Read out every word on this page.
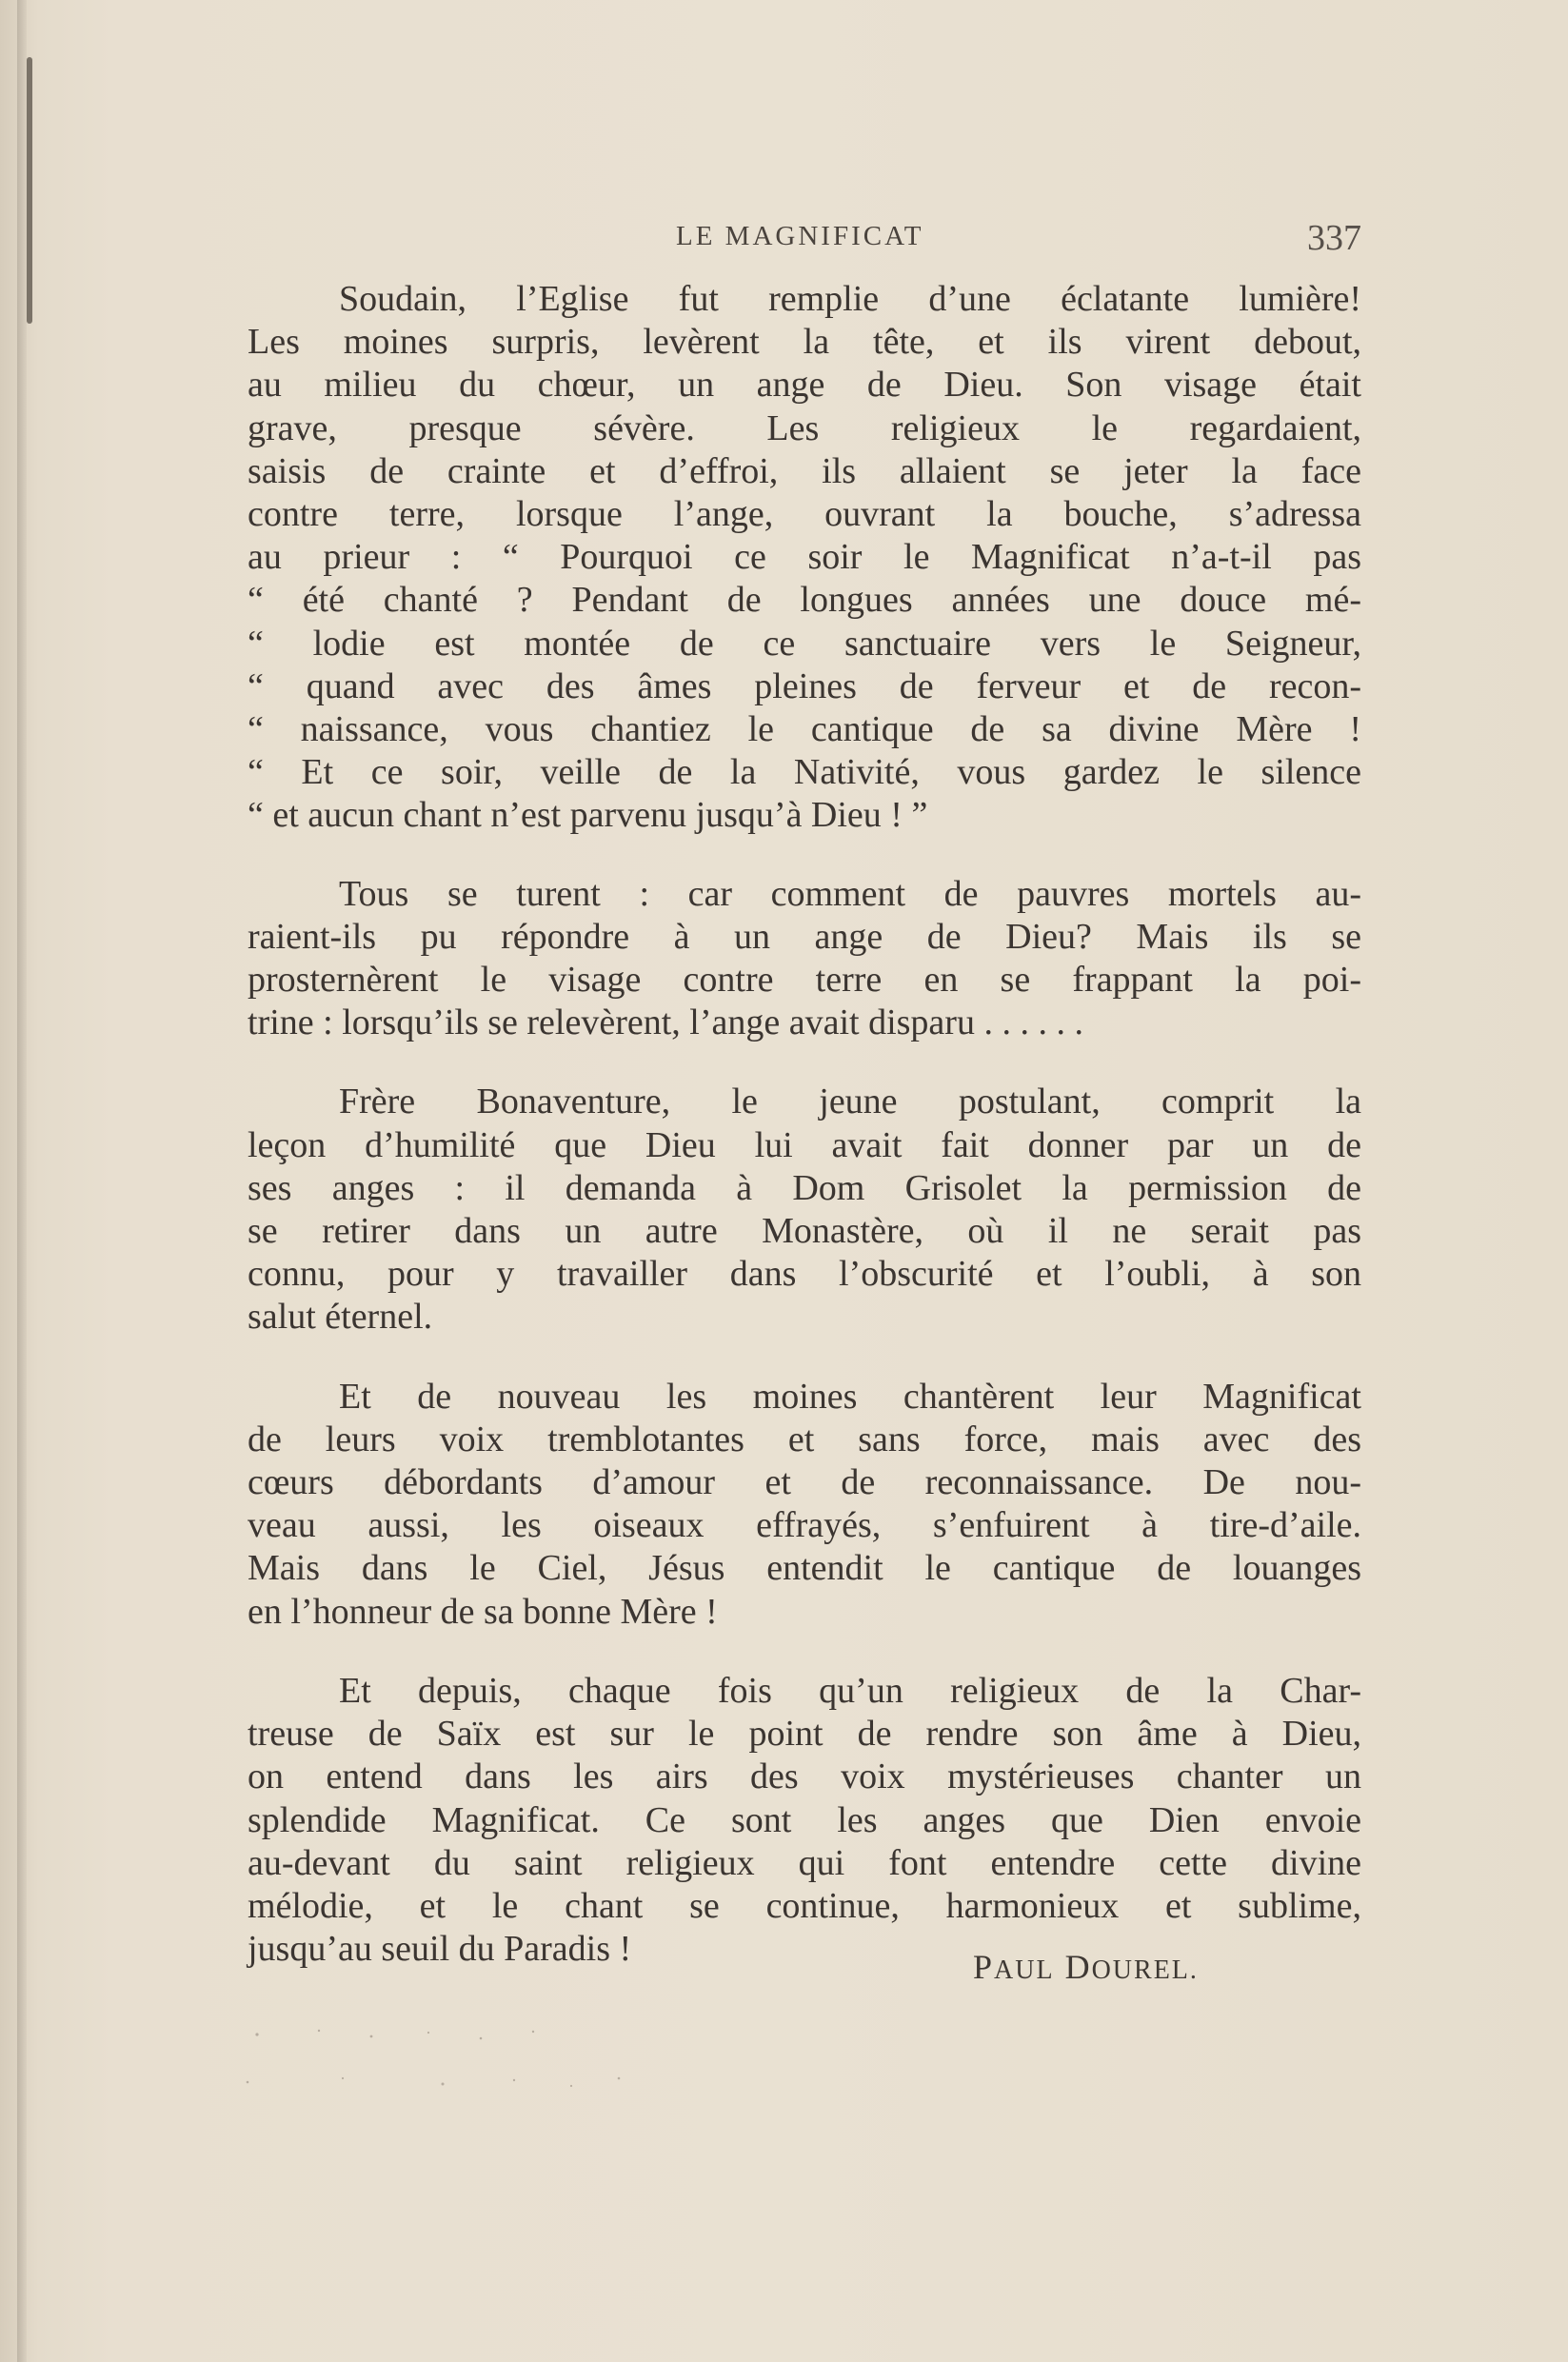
LE MAGNIFICAT	337

Soudain, l’Eglise fut remplie d’une éclatante lumière!
Les moines surpris, levèrent la tête, et ils virent debout,
au milieu du chœur, un ange de Dieu. Son visage était
grave, presque sévère. Les religieux le regardaient,
saisis de crainte et d’effroi, ils allaient se jeter la face
contre terre, lorsque l’ange, ouvrant la bouche, s’adressa
au prieur : “ Pourquoi ce soir le Magnificat n’a-t-il pas
“ été chanté ? Pendant de longues années une douce mé-
“ lodie est montée de ce sanctuaire vers le Seigneur,
“ quand avec des âmes pleines de ferveur et de recon-
“ naissance, vous chantiez le cantique de sa divine Mère !
“ Et ce soir, veille de la Nativité, vous gardez le silence
“ et aucun chant n’est parvenu jusqu’à Dieu ! ”

Tous se turent : car comment de pauvres mortels au-
raient-ils pu répondre à un ange de Dieu? Mais ils se
prosternèrent le visage contre terre en se frappant la poi-
trine : lorsqu’ils se relevèrent, l’ange avait disparu . . . . . .

Frère Bonaventure, le jeune postulant, comprit la
leçon d’humilité que Dieu lui avait fait donner par un de
ses anges : il demanda à Dom Grisolet la permission de
se retirer dans un autre Monastère, où il ne serait pas
connu, pour y travailler dans l’obscurité et l’oubli, à son
salut éternel.

Et de nouveau les moines chantèrent leur Magnificat
de leurs voix tremblotantes et sans force, mais avec des
cœurs débordants d’amour et de reconnaissance. De nou-
veau aussi, les oiseaux effrayés, s’enfuirent à tire-d’aile.
Mais dans le Ciel, Jésus entendit le cantique de louanges
en l’honneur de sa bonne Mère !

Et depuis, chaque fois qu’un religieux de la Char-
treuse de Saïx est sur le point de rendre son âme à Dieu,
on entend dans les airs des voix mystérieuses chanter un
splendide Magnificat. Ce sont les anges que Dien envoie
au-devant du saint religieux qui font entendre cette divine
mélodie, et le chant se continue, harmonieux et sublime,
jusqu’au seuil du Paradis !	PAUL DOUREL.
